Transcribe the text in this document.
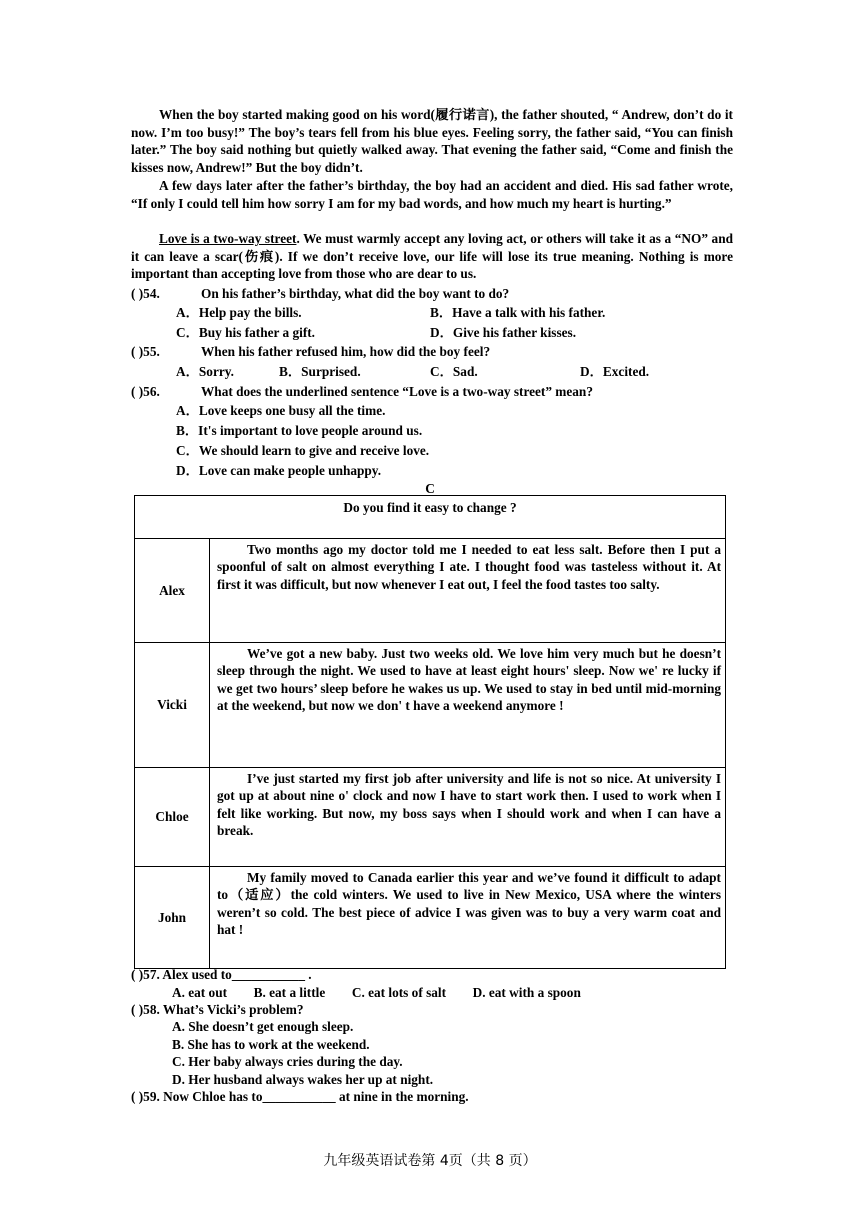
When the boy started making good on his word(履行诺言), the father shouted, “ Andrew, don’t do it now. I’m too busy!” The boy’s tears fell from his blue eyes. Feeling sorry, the father said, “You can finish later.” The boy said nothing but quietly walked away. That evening the father said, “Come and finish the kisses now, Andrew!” But the boy didn’t.

A few days later after the father’s birthday, the boy had an accident and died. His sad father wrote, “If only I could tell him how sorry I am for my bad words, and how much my heart is hurting.”

Love is a two-way street. We must warmly accept any loving act, or others will take it as a “NO” and it can leave a scar(伤痕). If we don’t receive love, our life will lose its true meaning. Nothing is more important than accepting love from those who are dear to us.

( )54.	On his father’s birthday, what did the boy want to do?
A．Help pay the bills.	B．Have a talk with his father.
C．Buy his father a gift.	D．Give his father kisses.
( )55.	When his father refused him, how did the boy feel?
A．Sorry.	B．Surprised.	C．Sad.	D．Excited.
( )56.	What does the underlined sentence “Love is a two-way street” mean?
A．Love keeps one busy all the time.
B．It's important to love people around us.
C．We should learn to give and receive love.
D．Love can make people unhappy.
C
Do you find it easy to change ?	
Alex	Two months ago my doctor told me I needed to eat less salt. Before then I put a spoonful of salt on almost everything I ate. I thought food was tasteless without it. At first it was difficult, but now whenever I eat out, I feel the food tastes too salty.
Vicki	We’ve got a new baby. Just two weeks old. We love him very much but he doesn’t sleep through the night. We used to have at least eight hours' sleep. Now we' re lucky if we get two hours’ sleep before he wakes us up. We used to stay in bed until mid-morning at the weekend, but now we don' t have a weekend anymore !
Chloe	I’ve just started my first job after university and life is not so nice. At university I got up at about nine o' clock and now I have to start work then. I used to work when I felt like working. But now, my boss says when I should work and when I can have a break.
John	My family moved to Canada earlier this year and we’ve found it difficult to adapt to（适应）the cold winters. We used to live in New Mexico, USA where the winters weren’t so cold. The best piece of advice I was given was to buy a very warm coat and hat !
( )57. Alex used to___________ .
A. eat out        B. eat a little        C. eat lots of salt        D. eat with a spoon
( )58. What’s Vicki’s problem?
A. She doesn’t get enough sleep.
B. She has to work at the weekend.
C. Her baby always cries during the day.
D. Her husband always wakes her up at night.
( )59. Now Chloe has to___________ at nine in the morning.
九年级英语试卷第 4页（共 8 页）
